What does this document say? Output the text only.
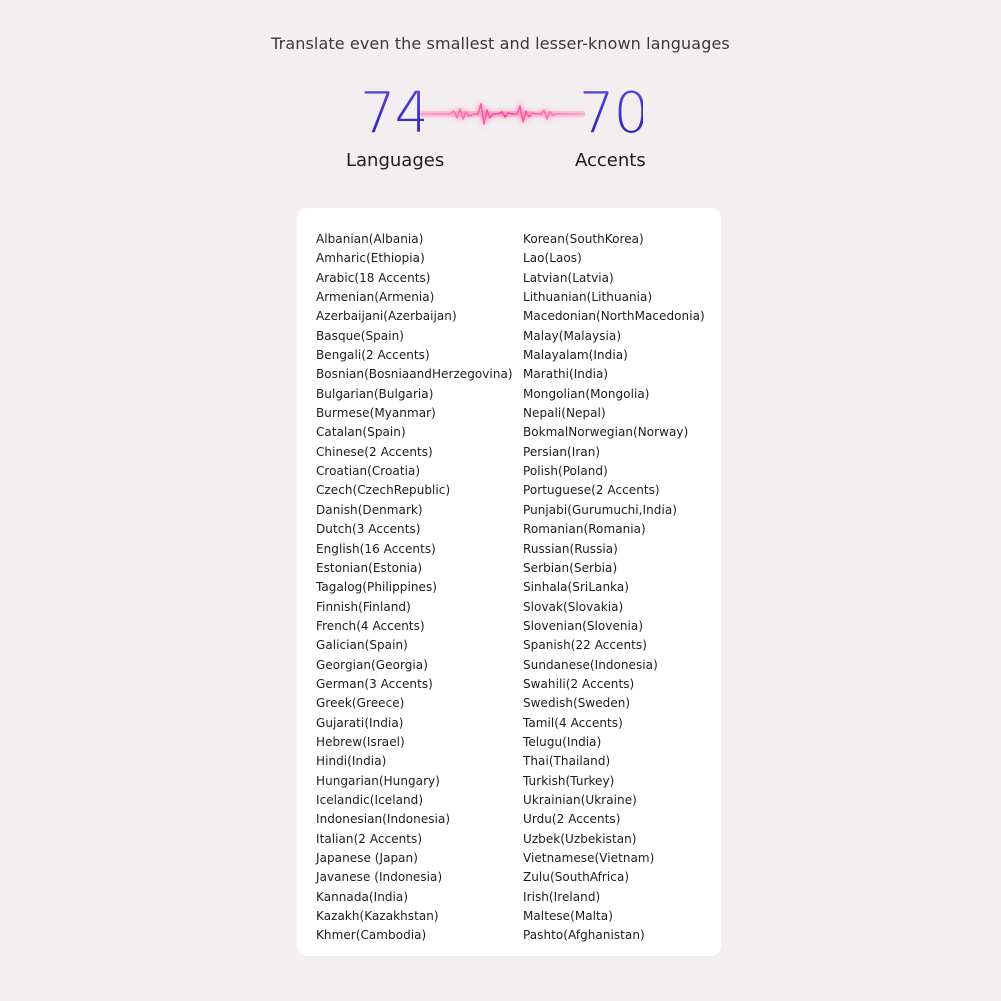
Translate even the smallest and lesser-known languages
74	70
Languages	Accents
Albanian(Albania)
Amharic(Ethiopia)
Arabic(18 Accents)
Armenian(Armenia)
Azerbaijani(Azerbaijan)
Basque(Spain)
Bengali(2 Accents)
Bosnian(BosniaandHerzegovina)
Bulgarian(Bulgaria)
Burmese(Myanmar)
Catalan(Spain)
Chinese(2 Accents)
Croatian(Croatia)
Czech(CzechRepublic)
Danish(Denmark)
Dutch(3 Accents)
English(16 Accents)
Estonian(Estonia)
Tagalog(Philippines)
Finnish(Finland)
French(4 Accents)
Galician(Spain)
Georgian(Georgia)
German(3 Accents)
Greek(Greece)
Gujarati(India)
Hebrew(Israel)
Hindi(India)
Hungarian(Hungary)
Icelandic(Iceland)
Indonesian(Indonesia)
Italian(2 Accents)
Japanese (Japan)
Javanese (Indonesia)
Kannada(India)
Kazakh(Kazakhstan)
Khmer(Cambodia)
Korean(SouthKorea)
Lao(Laos)
Latvian(Latvia)
Lithuanian(Lithuania)
Macedonian(NorthMacedonia)
Malay(Malaysia)
Malayalam(India)
Marathi(India)
Mongolian(Mongolia)
Nepali(Nepal)
BokmalNorwegian(Norway)
Persian(Iran)
Polish(Poland)
Portuguese(2 Accents)
Punjabi(Gurumuchi,India)
Romanian(Romania)
Russian(Russia)
Serbian(Serbia)
Sinhala(SriLanka)
Slovak(Slovakia)
Slovenian(Slovenia)
Spanish(22 Accents)
Sundanese(Indonesia)
Swahili(2 Accents)
Swedish(Sweden)
Tamil(4 Accents)
Telugu(India)
Thai(Thailand)
Turkish(Turkey)
Ukrainian(Ukraine)
Urdu(2 Accents)
Uzbek(Uzbekistan)
Vietnamese(Vietnam)
Zulu(SouthAfrica)
Irish(Ireland)
Maltese(Malta)
Pashto(Afghanistan)
